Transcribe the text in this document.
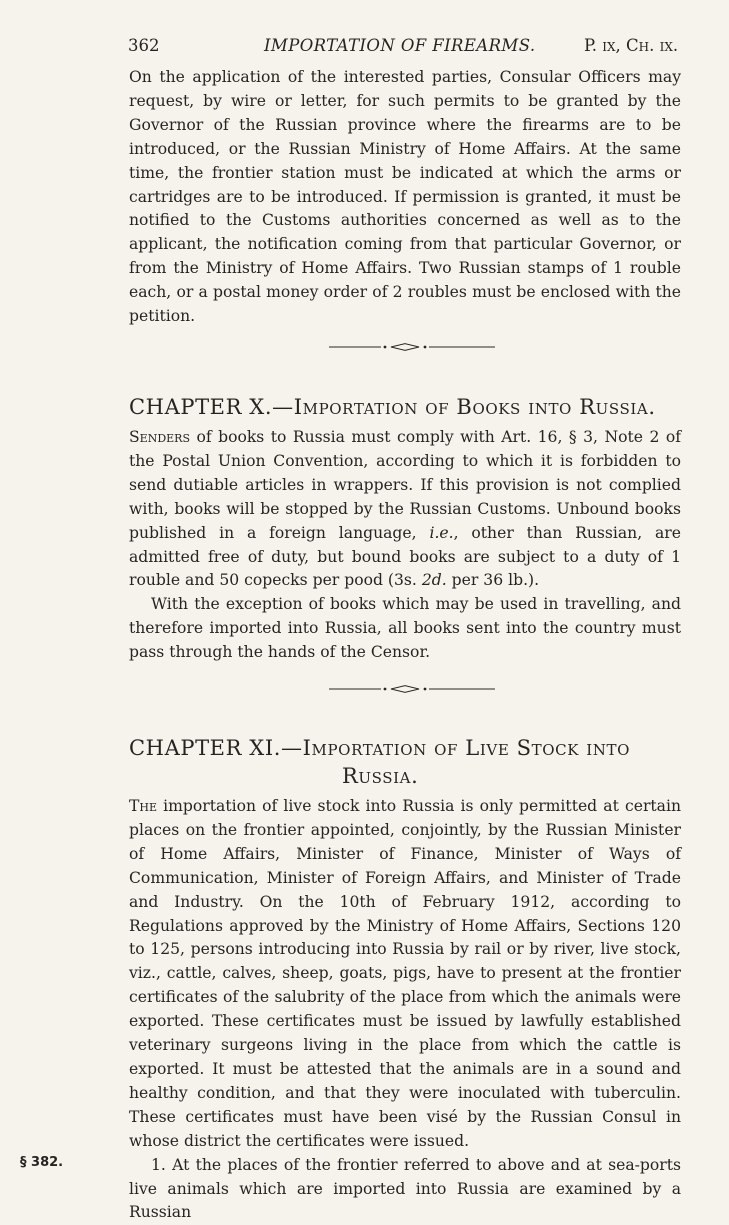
362	IMPORTATION OF FIREARMS.	P. ix, Ch. ix.

On the application of the interested parties, Consular Officers may request, by wire or letter, for such permits to be granted by the Governor of the Russian province where the firearms are to be introduced, or the Russian Ministry of Home Affairs. At the same time, the frontier station must be indicated at which the arms or cartridges are to be introduced. If permission is granted, it must be notified to the Customs authorities concerned as well as to the applicant, the notification coming from that particular Governor, or from the Ministry of Home Affairs. Two Russian stamps of 1 rouble each, or a postal money order of 2 roubles must be enclosed with the petition.

CHAPTER X.—Importation of Books into Russia.

Senders of books to Russia must comply with Art. 16, § 3, Note 2 of the Postal Union Convention, according to which it is forbidden to send dutiable articles in wrappers. If this provision is not complied with, books will be stopped by the Russian Customs. Unbound books published in a foreign language, i.e., other than Russian, are admitted free of duty, but bound books are subject to a duty of 1 rouble and 50 copecks per pood (3s. 2d. per 36 lb.).

With the exception of books which may be used in travelling, and therefore imported into Russia, all books sent into the country must pass through the hands of the Censor.

CHAPTER XI.—Importation of Live Stock into
Russia.

The importation of live stock into Russia is only permitted at certain places on the frontier appointed, conjointly, by the Russian Minister of Home Affairs, Minister of Finance, Minister of Ways of Communication, Minister of Foreign Affairs, and Minister of Trade and Industry. On the 10th of February 1912, according to Regulations approved by the Ministry of Home Affairs, Sections 120 to 125, persons introducing into Russia by rail or by river, live stock, viz., cattle, calves, sheep, goats, pigs, have to present at the frontier certificates of the salubrity of the place from which the animals were exported. These certificates must be issued by lawfully established veterinary surgeons living in the place from which the cattle is exported. It must be attested that the animals are in a sound and healthy condition, and that they were inoculated with tuberculin. These certificates must have been visé by the Russian Consul in whose district the certificates were issued.

1. At the places of the frontier referred to above and at sea-ports live animals which are imported into Russia are examined by a Russian

§ 382.
